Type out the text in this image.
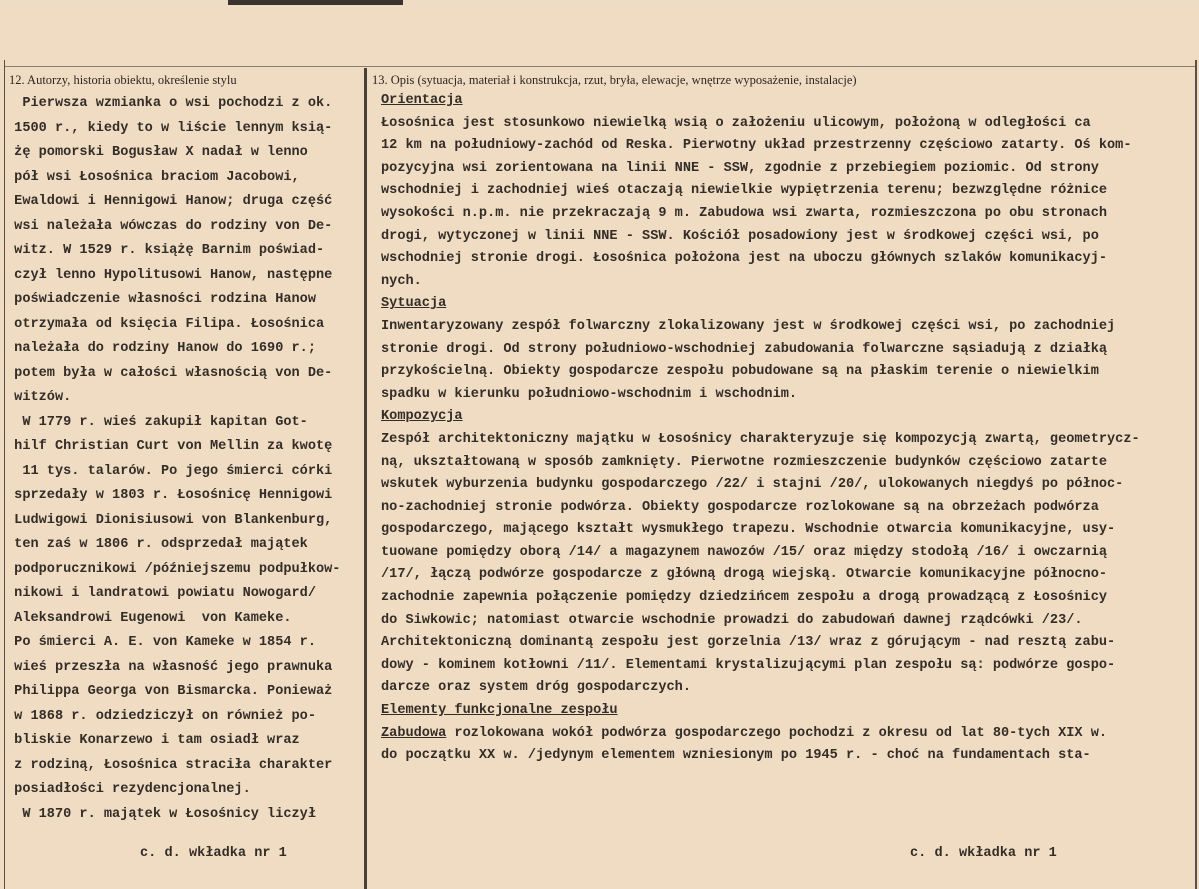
12. Autorzy, historia obiektu, określenie stylu	13. Opis (sytuacja, materiał i konstrukcja, rzut, bryła, elewacje, wnętrze wyposażenie, instalacje)
Pierwsza wzmianka o wsi pochodzi z ok.
1500 r., kiedy to w liście lennym ksią-
żę pomorski Bogusław X nadał w lenno
pół wsi Łosośnica braciom Jacobowi,
Ewaldowi i Hennigowi Hanow; druga część
wsi należała wówczas do rodziny von De-
witz. W 1529 r. książę Barnim poświad-
czył lenno Hypolitusowi Hanow, następne
poświadczenie własności rodzina Hanow
otrzymała od księcia Filipa. Łosośnica
należała do rodziny Hanow do 1690 r.;
potem była w całości własnością von De-
witzów.
W 1779 r. wieś zakupił kapitan Got-
hilf Christian Curt von Mellin za kwotę
11 tys. talarów. Po jego śmierci córki
sprzedały w 1803 r. Łosośnicę Hennigowi
Ludwigowi Dionisiusowi von Blankenburg,
ten zaś w 1806 r. odsprzedał majątek
podporucznikowi /późniejszemu podpułkow-
nikowi i landratowi powiatu Nowogard/
Aleksandrowi Eugenowi  von Kameke.
Po śmierci A. E. von Kameke w 1854 r.
wieś przeszła na własność jego prawnuka
Philippa Georga von Bismarcka. Ponieważ
w 1868 r. odziedziczył on również po-
bliskie Konarzewo i tam osiadł wraz
z rodziną, Łosośnica straciła charakter
posiadłości rezydencjonalnej.
W 1870 r. majątek w Łosośnicy liczył
Orientacja
Łosośnica jest stosunkowo niewielką wsią o założeniu ulicowym, położoną w odległości ca
12 km na południowy-zachód od Reska. Pierwotny układ przestrzenny częściowo zatarty. Oś kom-
pozycyjna wsi zorientowana na linii NNE - SSW, zgodnie z przebiegiem poziomic. Od strony
wschodniej i zachodniej wieś otaczają niewielkie wypiętrzenia terenu; bezwzględne różnice
wysokości n.p.m. nie przekraczają 9 m. Zabudowa wsi zwarta, rozmieszczona po obu stronach
drogi, wytyczonej w linii NNE - SSW. Kościół posadowiony jest w środkowej części wsi, po
wschodniej stronie drogi. Łosośnica położona jest na uboczu głównych szlaków komunikacyj-
nych.
Sytuacja
Inwentaryzowany zespół folwarczny zlokalizowany jest w środkowej części wsi, po zachodniej
stronie drogi. Od strony południowo-wschodniej zabudowania folwarczne sąsiadują z działką
przykościelną. Obiekty gospodarcze zespołu pobudowane są na płaskim terenie o niewielkim
spadku w kierunku południowo-wschodnim i wschodnim.
Kompozycja
Zespół architektoniczny majątku w Łosośnicy charakteryzuje się kompozycją zwartą, geometrycz-
ną, ukształtowaną w sposób zamknięty. Pierwotne rozmieszczenie budynków częściowo zatarte
wskutek wyburzenia budynku gospodarczego /22/ i stajni /20/, ulokowanych niegdyś po północ-
no-zachodniej stronie podwórza. Obiekty gospodarcze rozlokowane są na obrzeżach podwórza
gospodarczego, mającego kształt wysmukłego trapezu. Wschodnie otwarcia komunikacyjne, usy-
tuowane pomiędzy oborą /14/ a magazynem nawozów /15/ oraz między stodołą /16/ i owczarnią
/17/, łączą podwórze gospodarcze z główną drogą wiejską. Otwarcie komunikacyjne północno-
zachodnie zapewnia połączenie pomiędzy dziedzińcem zespołu a drogą prowadzącą z Łosośnicy
do Siwkowic; natomiast otwarcie wschodnie prowadzi do zabudowań dawnej rządcówki /23/.
Architektoniczną dominantą zespołu jest gorzelnia /13/ wraz z górującym - nad resztą zabu-
dowy - kominem kotłowni /11/. Elementami krystalizującymi plan zespołu są: podwórze gospo-
darcze oraz system dróg gospodarczych.
Elementy funkcjonalne zespołu
Zabudowa rozlokowana wokół podwórza gospodarczego pochodzi z okresu od lat 80-tych XIX w.
do początku XX w. /jedynym elementem wzniesionym po 1945 r. - choć na fundamentach sta-
c. d. wkładka nr 1	c. d. wkładka nr 1
